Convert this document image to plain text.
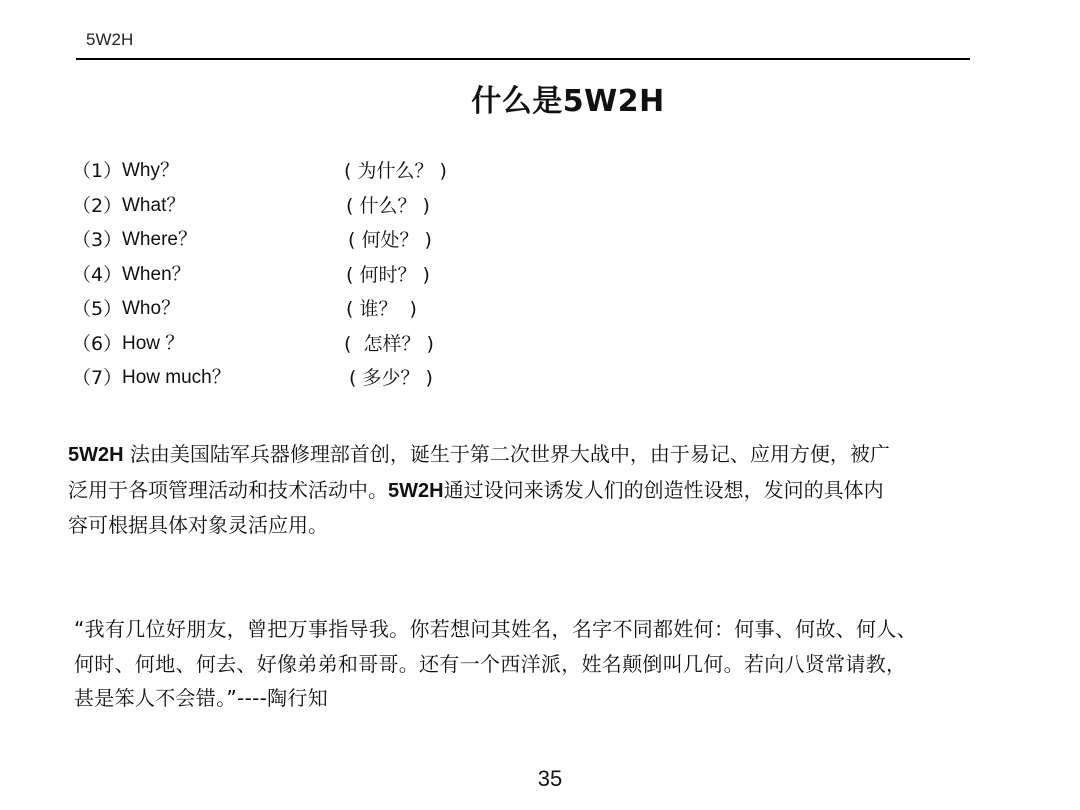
5W2H
什么是5W2H
（1） Why？	( 为什么？ )
（2） What？	( 什么？ )
（3） Where？	( 何处？ )
（4） When？	( 何时？ )
（5） Who？	( 谁？  )
（6） How ？	(  怎样？ )
（7） How much？	( 多少？ )
5W2H 法由美国陆军兵器修理部首创，诞生于第二次世界大战中，由于易记、应用方便，被广
泛用于各项管理活动和技术活动中。5W2H通过设问来诱发人们的创造性设想，发问的具体内
容可根据具体对象灵活应用。
“我有几位好朋友，曾把万事指导我。你若想问其姓名，名字不同都姓何：何事、何故、何人、
何时、何地、何去、好像弟弟和哥哥。还有一个西洋派，姓名颠倒叫几何。若向八贤常请教，
甚是笨人不会错。”----陶行知
35
